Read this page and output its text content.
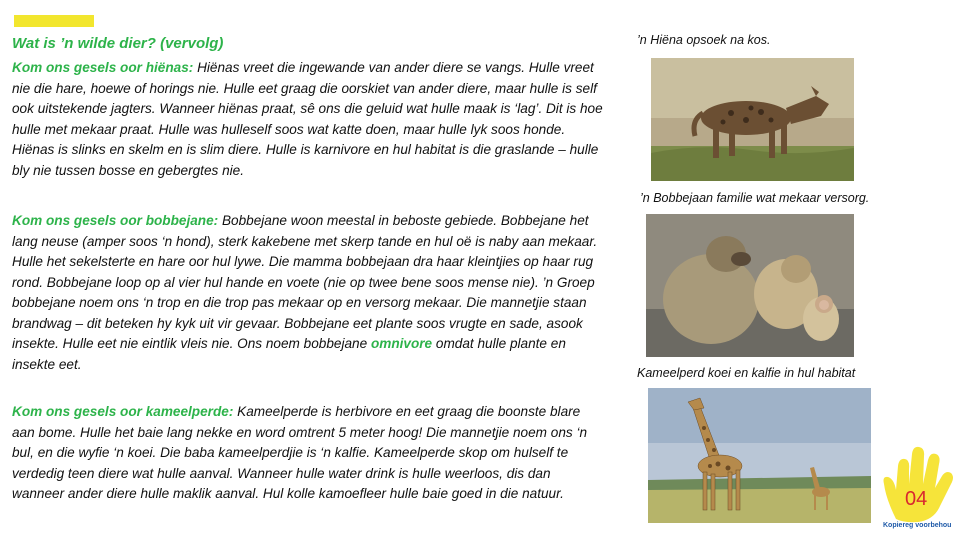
Wat is ’n wilde dier? (vervolg)

Kom ons gesels oor hiënas: Hiënas vreet die ingewande van ander diere se vangs. Hulle vreet nie die hare, hoewe of horings nie. Hulle eet graag die oorskiet van ander diere, maar hulle is self ook uitstekende jagters. Wanneer hiënas praat, sê ons die geluid wat hulle maak is ‘lag’. Dit is hoe hulle met mekaar praat. Hulle was hulleself soos wat katte doen, maar hulle lyk soos honde. Hiënas is slinks en skelm en is slim diere. Hulle is karnivore en hul habitat is die graslande – hulle bly nie tussen bosse en gebergtes nie.

Kom ons gesels oor bobbejane: Bobbejane woon meestal in beboste gebiede. Bobbejane het lang neuse (amper soos ‘n hond), sterk kakebene met skerp tande en hul oë is naby aan mekaar. Hulle het sekelsterte en hare oor hul lywe. Die mamma bobbejaan dra haar kleintjies op haar rug rond. Bobbejane loop op al vier hul hande en voete (nie op twee bene soos mense nie). ’n Groep bobbejane noem ons ‘n trop en die trop pas mekaar op en versorg mekaar. Die mannetjie staan brandwag – dit beteken hy kyk uit vir gevaar. Bobbejane eet plante soos vrugte en sade, asook insekte. Hulle eet nie eintlik vleis nie. Ons noem bobbejane omnivore omdat hulle plante en insekte eet.

Kom ons gesels oor kameelperde: Kameelperde is herbivore en eet graag die boonste blare aan bome. Hulle het baie lang nekke en word omtrent 5 meter hoog! Die mannetjie noem ons ‘n bul, en die wyfie ‘n koei. Die baba kameelperdjie is ‘n kalfie. Kameelperde skop om hulself te verdedig teen diere wat hulle aanval. Wanneer hulle water drink is hulle weerloos, dis dan wanneer ander diere hulle maklik aanval. Hul kolle kamoefleer hulle baie goed in die natuur.

’n Hiëna opsoek na kos.
’n Bobbejaan familie wat mekaar versorg.
Kameelperd koei en kalfie in hul habitat
04
Kopiereg voorbehou
